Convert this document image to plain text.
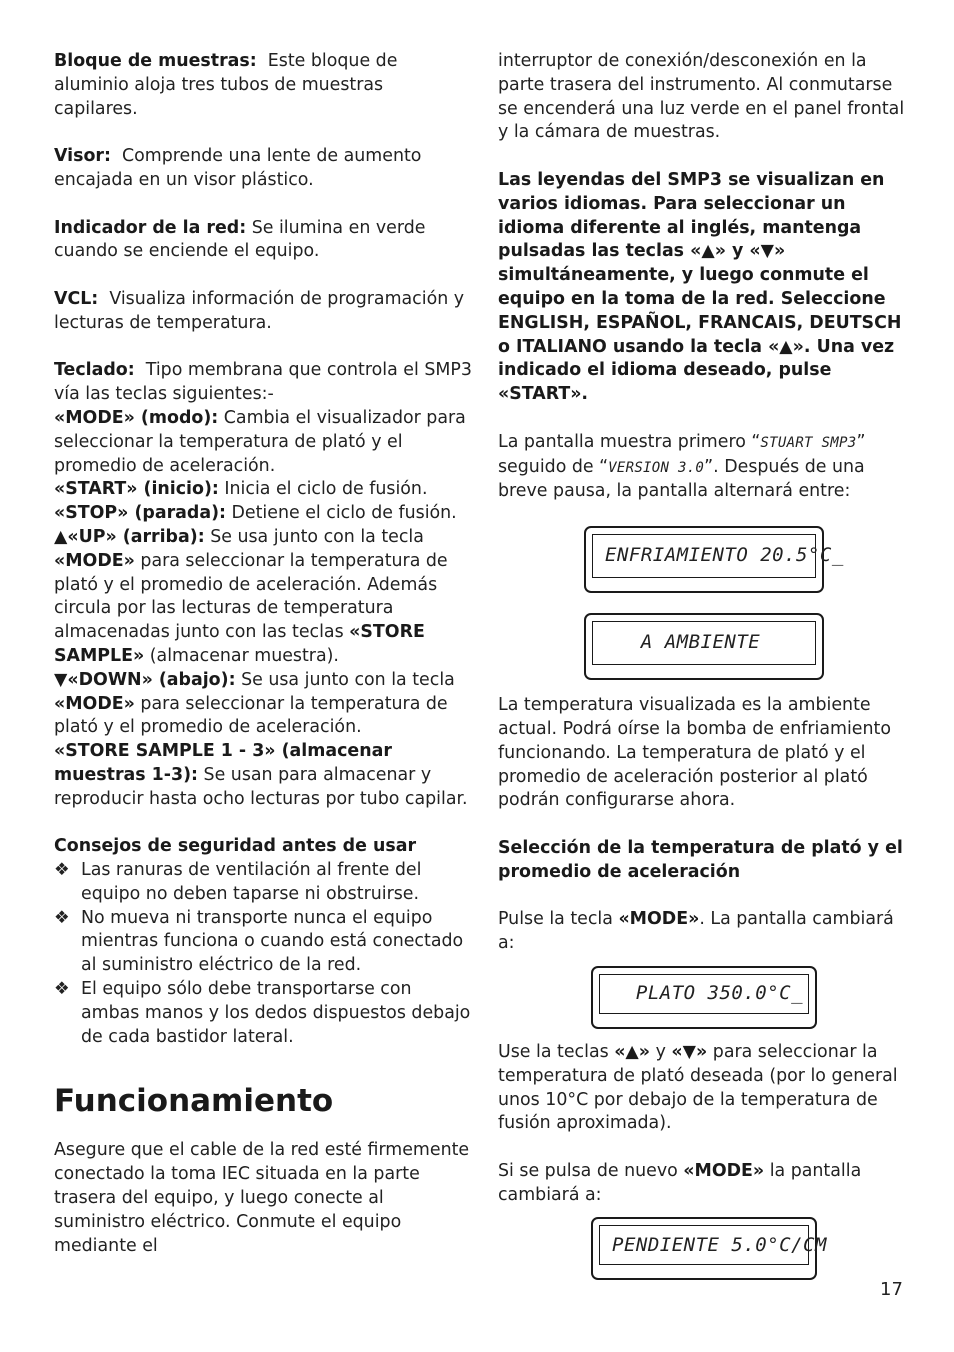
Bloque de muestras: Este bloque de aluminio aloja tres tubos de muestras capilares.

Visor: Comprende una lente de aumento encajada en un visor plástico.

Indicador de la red: Se ilumina en verde cuando se enciende el equipo.

VCL: Visualiza información de programación y lecturas de temperatura.

Teclado: Tipo membrana que controla el SMP3 vía las teclas siguientes:-

«MODE» (modo): Cambia el visualizador para seleccionar la temperatura de plató y el promedio de aceleración.

«START» (inicio): Inicia el ciclo de fusión.

«STOP» (parada): Detiene el ciclo de fusión.

▲«UP» (arriba): Se usa junto con la tecla «MODE» para seleccionar la temperatura de plató y el promedio de aceleración. Además circula por las lecturas de temperatura almacenadas junto con las teclas «STORE SAMPLE» (almacenar muestra).

▼«DOWN» (abajo): Se usa junto con la tecla «MODE» para seleccionar la temperatura de plató y el promedio de aceleración.

«STORE SAMPLE 1 - 3» (almacenar muestras 1-3): Se usan para almacenar y reproducir hasta ocho lecturas por tubo capilar.

Consejos de seguridad antes de usar

❖ Las ranuras de ventilación al frente del equipo no deben taparse ni obstruirse.
❖ No mueva ni transporte nunca el equipo mientras funciona o cuando está conectado al suministro eléctrico de la red.
❖ El equipo sólo debe transportarse con ambas manos y los dedos dispuestos debajo de cada bastidor lateral.
Funcionamiento

Asegure que el cable de la red esté firmemente conectado la toma IEC situada en la parte trasera del equipo, y luego conecte al suministro eléctrico. Conmute el equipo mediante el

interruptor de conexión/desconexión en la parte trasera del instrumento. Al conmutarse se encenderá una luz verde en el panel frontal y la cámara de muestras.

Las leyendas del SMP3 se visualizan en varios idiomas. Para seleccionar un idioma diferente al inglés, mantenga pulsadas las teclas «▲» y «▼» simultáneamente, y luego conmute el equipo en la toma de la red. Seleccione ENGLISH, ESPAÑOL, FRANCAIS, DEUTSCH o ITALIANO usando la tecla «▲». Una vez indicado el idioma deseado, pulse «START».

La pantalla muestra primero “STUART SMP3” seguido de “VERSION 3.0”. Después de una breve pausa, la pantalla alternará entre:

ENFRIAMIENTO 20.5°C_
A AMBIENTE

La temperatura visualizada es la ambiente actual. Podrá oírse la bomba de enfriamiento funcionando. La temperatura de plató y el promedio de aceleración posterior al plató podrán configurarse ahora.

Selección de la temperatura de plató y el promedio de aceleración

Pulse la tecla «MODE». La pantalla cambiará a:

PLATO 350.0°C_

Use la teclas «▲» y «▼» para seleccionar la temperatura de plató deseada (por lo general unos 10°C por debajo de la temperatura de fusión aproximada).

Si se pulsa de nuevo «MODE» la pantalla cambiará a:

PENDIENTE 5.0°C/CM
17
